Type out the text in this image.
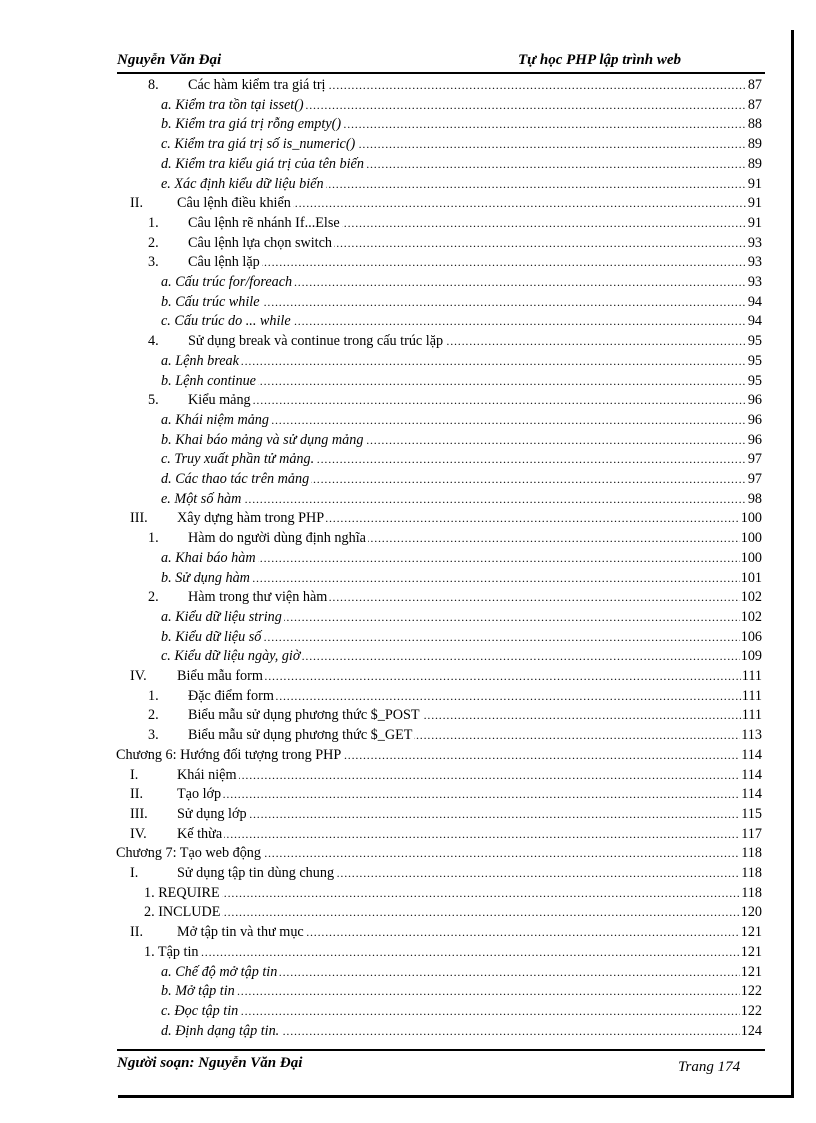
Nguyễn Văn Đại	Tự học PHP lập trình web
8. . . . Các hàm kiểm tra giá trị	87
. . .
a. Kiểm tra tồn tại isset()	87
. . .
b. Kiểm tra giá trị rỗng empty()	88
. . .
c. Kiểm tra giá trị số is_numeric()	89
. . .
d. Kiểm tra kiểu giá trị của tên biến	89
. . .
e. Xác định kiểu dữ liệu biến	91
II. . . . Câu lệnh điều khiển	91
1. . . . Câu lệnh rẽ nhánh If...Else	91
2. . . . Câu lệnh lựa chọn switch	93
3. . . . Câu lệnh lặp	93
. . .
a. Cấu trúc for/foreach	93
. . .
b. Cấu trúc while	94
. . .
c. Cấu trúc do ... while	94
4. . . . Sử dụng break và continue trong cấu trúc lặp	95
. . .
a. Lệnh break	95
. . .
b. Lệnh continue	95
5. . . . Kiểu mảng	96
. . .
a. Khái niệm mảng	96
. . .
b. Khai báo mảng và sử dụng mảng	96
. . .
c. Truy xuất phần tử mảng.	97
. . .
d. Các thao tác trên mảng	97
. . .
e. Một số hàm	98
III. . . . Xây dựng hàm trong PHP	100
1. . . . Hàm do người dùng định nghĩa	100
. . .
a. Khai báo hàm	100
. . .
b. Sử dụng hàm	101
2. . . . Hàm trong thư viện hàm	102
. . .
a. Kiểu dữ liệu string	102
. . .
b. Kiểu dữ liệu số	106
. . .
c. Kiểu dữ liệu ngày, giờ	109
IV. . . . Biểu mẫu form	111
1. . . . Đặc điểm form	111
2. . . . Biểu mẫu sử dụng phương thức $_POST	111
3. . . . Biểu mẫu sử dụng phương thức $_GET	113
. . .
Chương 6: Hướng đối tượng trong PHP	114
I. . . .	Khái niệm	114
II. . . . Tạo lớp	114
III. . . . Sử dụng lớp	115
IV. . . . Kế thừa	117
. . .
Chương 7: Tạo web động	118
I. . . .	Sử dụng tập tin dùng chung	118
. . .
1. REQUIRE	118
. . .
2. INCLUDE	120
II. . . . Mở tập tin và thư mục	121
. . .
1. Tập tin	121
. . .
a. Chế độ mở tập tin	121
. . .
b. Mở tập tin	122
. . .
c. Đọc tập tin	122
. . .
d. Định dạng tập tin.	124
Người soạn: Nguyễn Văn Đại	Trang 174
